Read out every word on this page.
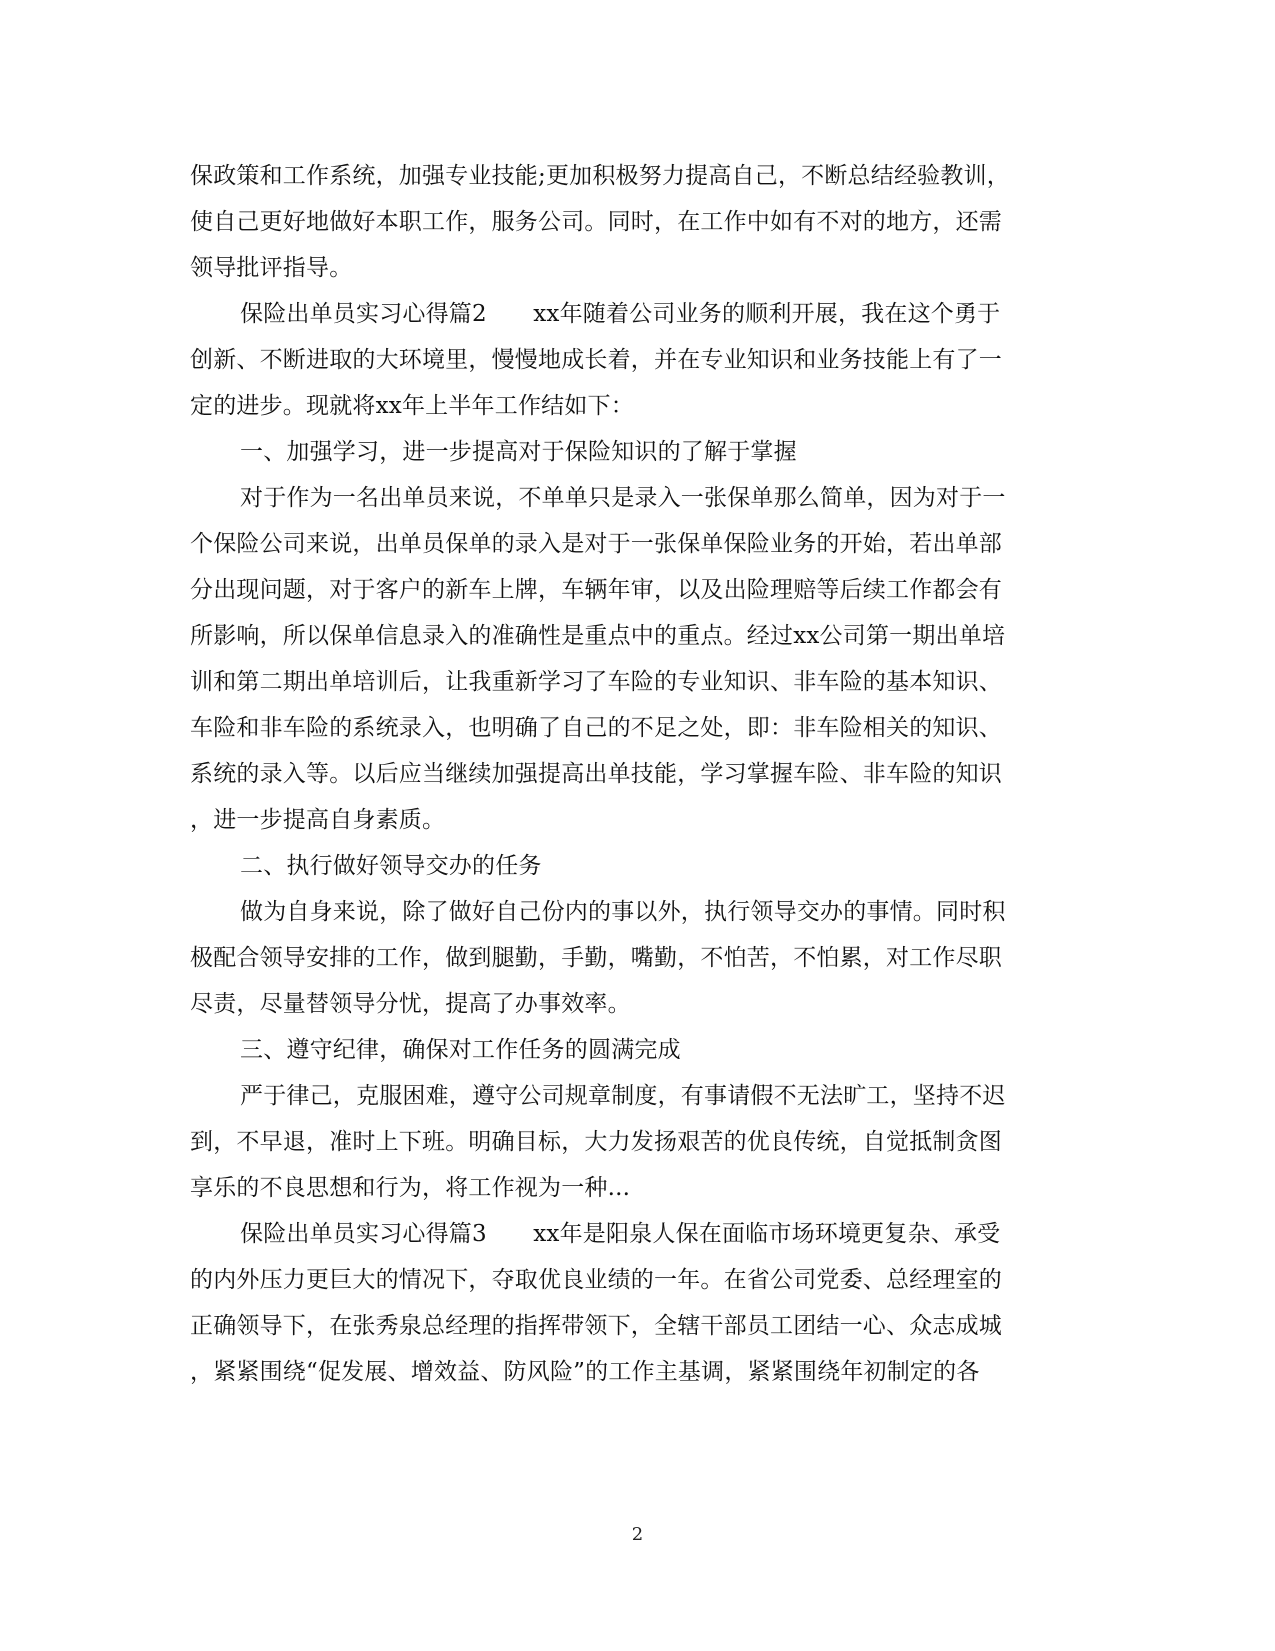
保政策和工作系统，加强专业技能;更加积极努力提高自己，不断总结经验教训，
使自己更好地做好本职工作，服务公司。同时，在工作中如有不对的地方，还需
领导批评指导。
保险出单员实习心得篇2　　xx年随着公司业务的顺利开展，我在这个勇于
创新、不断进取的大环境里，慢慢地成长着，并在专业知识和业务技能上有了一
定的进步。现就将xx年上半年工作结如下：
一、加强学习，进一步提高对于保险知识的了解于掌握
对于作为一名出单员来说，不单单只是录入一张保单那么简单，因为对于一
个保险公司来说，出单员保单的录入是对于一张保单保险业务的开始，若出单部
分出现问题，对于客户的新车上牌，车辆年审，以及出险理赔等后续工作都会有
所影响，所以保单信息录入的准确性是重点中的重点。经过xx公司第一期出单培
训和第二期出单培训后，让我重新学习了车险的专业知识、非车险的基本知识、
车险和非车险的系统录入，也明确了自己的不足之处，即：非车险相关的知识、
系统的录入等。以后应当继续加强提高出单技能，学习掌握车险、非车险的知识
，进一步提高自身素质。
二、执行做好领导交办的任务
做为自身来说，除了做好自己份内的事以外，执行领导交办的事情。同时积
极配合领导安排的工作，做到腿勤，手勤，嘴勤，不怕苦，不怕累，对工作尽职
尽责，尽量替领导分忧，提高了办事效率。
三、遵守纪律，确保对工作任务的圆满完成
严于律己，克服困难，遵守公司规章制度，有事请假不无法旷工，坚持不迟
到，不早退，准时上下班。明确目标，大力发扬艰苦的优良传统，自觉抵制贪图
享乐的不良思想和行为，将工作视为一种...
保险出单员实习心得篇3　　xx年是阳泉人保在面临市场环境更复杂、承受
的内外压力更巨大的情况下，夺取优良业绩的一年。在省公司党委、总经理室的
正确领导下，在张秀泉总经理的指挥带领下，全辖干部员工团结一心、众志成城
，紧紧围绕“促发展、增效益、防风险”的工作主基调，紧紧围绕年初制定的各
2
